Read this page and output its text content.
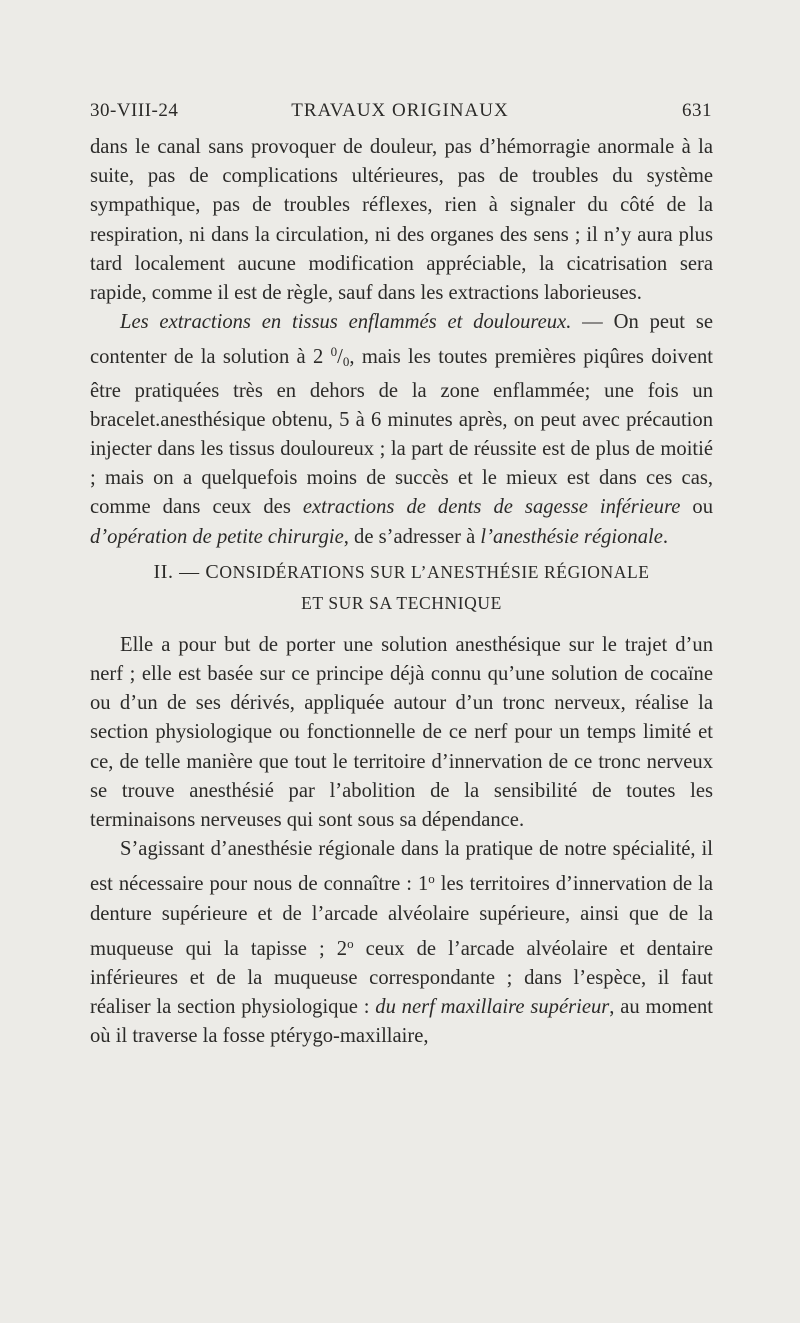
30-VIII-24	TRAVAUX ORIGINAUX	631

dans le canal sans provoquer de douleur, pas d’hémorragie anormale à la suite, pas de complications ultérieures, pas de troubles du système sympathique, pas de troubles réflexes, rien à signaler du côté de la respiration, ni dans la circulation, ni des organes des sens ; il n’y aura plus tard localement aucune modification appréciable, la cicatrisation sera rapide, comme il est de règle, sauf dans les extractions laborieuses.

Les extractions en tissus enflammés et douloureux. — On peut se contenter de la solution à 2 $^0/_0$, mais les toutes premières piqûres doivent être pratiquées très en dehors de la zone enflammée; une fois un bracelet.anesthésique obtenu, 5 à 6 minutes après, on peut avec précaution injecter dans les tissus douloureux ; la part de réussite est de plus de moitié ; mais on a quelquefois moins de succès et le mieux est dans ces cas, comme dans ceux des extractions de dents de sagesse inférieure ou d’opération de petite chirurgie, de s’adresser à l’anesthésie régionale.

II. — CONSIDÉRATIONS SUR L’ANESTHÉSIE RÉGIONALE
ET SUR SA TECHNIQUE

Elle a pour but de porter une solution anesthésique sur le trajet d’un nerf ; elle est basée sur ce principe déjà connu qu’une solution de cocaïne ou d’un de ses dérivés, appliquée autour d’un tronc nerveux, réalise la section physiologique ou fonctionnelle de ce nerf pour un temps limité et ce, de telle manière que tout le territoire d’innervation de ce tronc nerveux se trouve anesthésié par l’abolition de la sensibilité de toutes les terminaisons nerveuses qui sont sous sa dépendance.

S’agissant d’anesthésie régionale dans la pratique de notre spécialité, il est nécessaire pour nous de connaître : 1$^o$ les territoires d’innervation de la denture supérieure et de l’arcade alvéolaire supérieure, ainsi que de la muqueuse qui la tapisse ; 2$^o$ ceux de l’arcade alvéolaire et dentaire inférieures et de la muqueuse correspondante ; dans l’espèce, il faut réaliser la section physiologique : du nerf maxillaire supérieur, au moment où il traverse la fosse ptérygo-maxillaire,
